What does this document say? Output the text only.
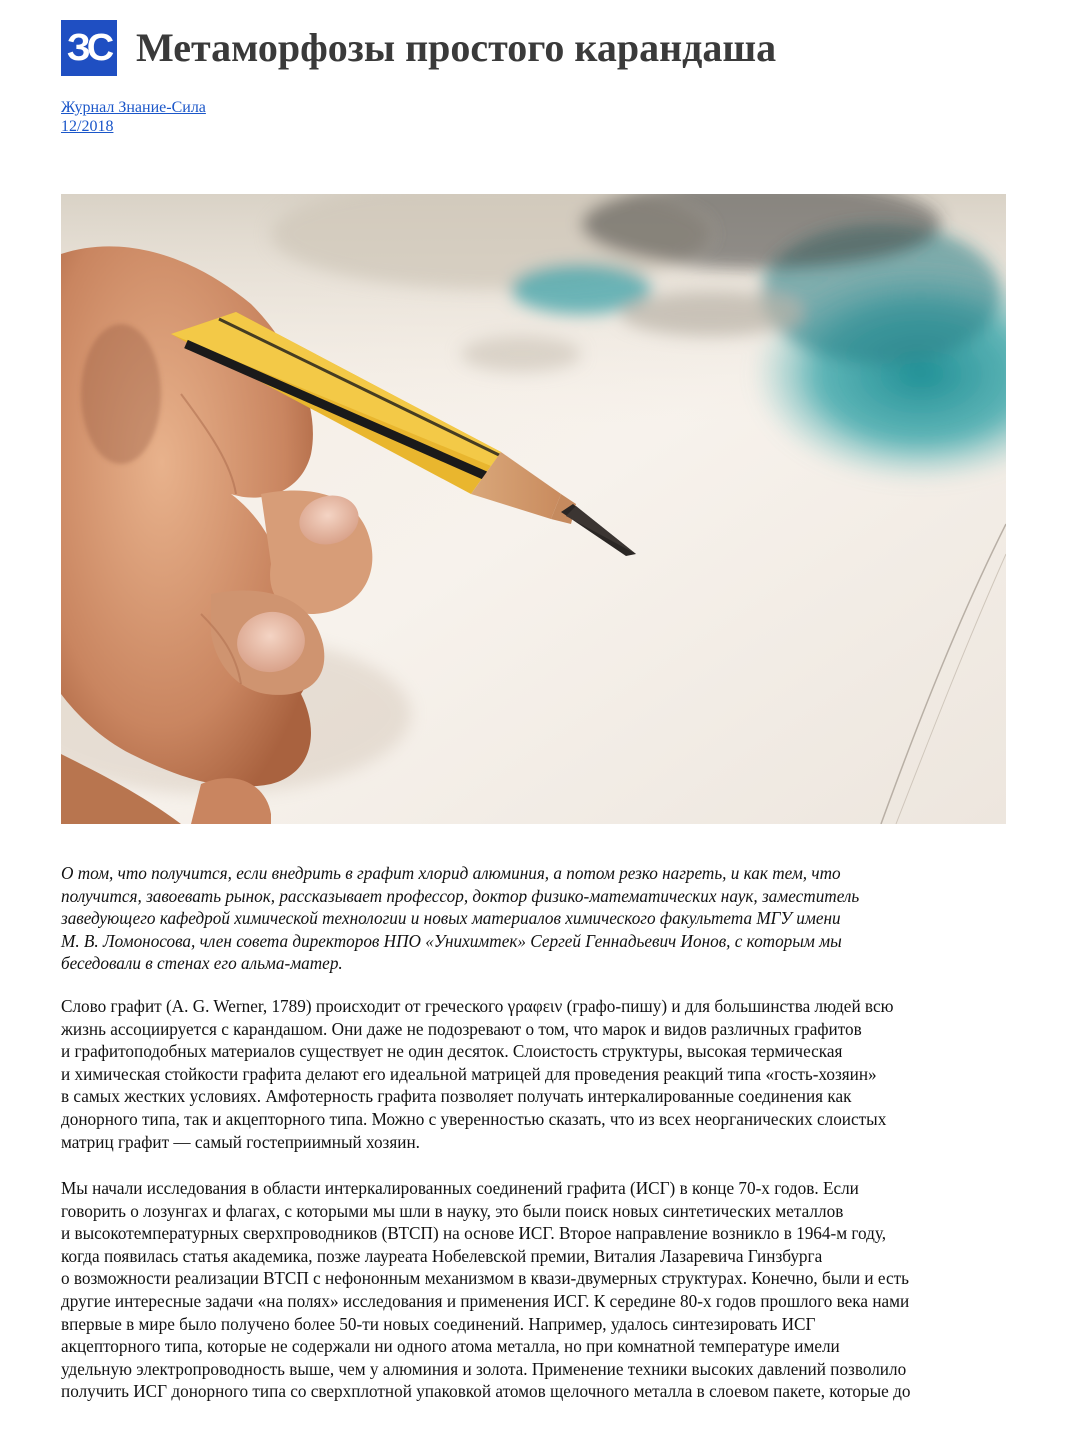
ЗС Метаморфозы простого карандаша
Журнал Знание-Сила
12/2018
О том, что получится, если внедрить в графит хлорид алюминия, а потом резко нагреть, и как тем, что
получится, завоевать рынок, рассказывает профессор, доктор физико-математических наук, заместитель
заведующего кафедрой химической технологии и новых материалов химического факультета МГУ имени
М. В. Ломоносова, член совета директоров НПО «Унихимтек» Сергей Геннадьевич Ионов, с которым мы
беседовали в стенах его альма-матер.
Слово графит (A. G. Werner, 1789) происходит от греческого γραφειν (графо-пишу) и для большинства людей всю
жизнь ассоциируется с карандашом. Они даже не подозревают о том, что марок и видов различных графитов
и графитоподобных материалов существует не один десяток. Слоистость структуры, высокая термическая
и химическая стойкости графита делают его идеальной матрицей для проведения реакций типа «гость-хозяин»
в самых жестких условиях. Амфотерность графита позволяет получать интеркалированные соединения как
донорного типа, так и акцепторного типа. Можно с уверенностью сказать, что из всех неорганических слоистых
матриц графит — самый гостеприимный хозяин.
Мы начали исследования в области интеркалированных соединений графита (ИСГ) в конце 70-х годов. Если
говорить о лозунгах и флагах, с которыми мы шли в науку, это были поиск новых синтетических металлов
и высокотемпературных сверхпроводников (ВТСП) на основе ИСГ. Второе направление возникло в 1964-м году,
когда появилась статья академика, позже лауреата Нобелевской премии, Виталия Лазаревича Гинзбурга
о возможности реализации ВТСП с нефононным механизмом в квази-двумерных структурах. Конечно, были и есть
другие интересные задачи «на полях» исследования и применения ИСГ. К середине 80-х годов прошлого века нами
впервые в мире было получено более 50-ти новых соединений. Например, удалось синтезировать ИСГ
акцепторного типа, которые не содержали ни одного атома металла, но при комнатной температуре имели
удельную электропроводность выше, чем у алюминия и золота. Применение техники высоких давлений позволило
получить ИСГ донорного типа со сверхплотной упаковкой атомов щелочного металла в слоевом пакете, которые до
